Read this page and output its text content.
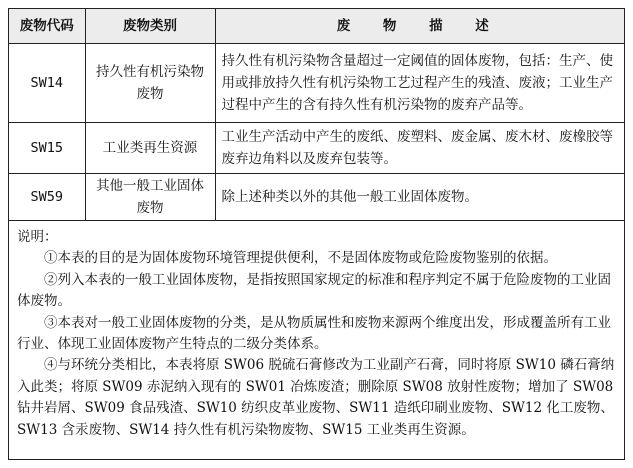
废物代码	废物类别	废 物 描 述
SW14	持久性有机污染物废物	持久性有机污染物含量超过一定阈值的固体废物，包括：生产、使用或排放持久性有机污染物工艺过程产生的残渣、废液；工业生产过程中产生的含有持久性有机污染物的废弃产品等。
SW15	工业类再生资源	工业生产活动中产生的废纸、废塑料、废金属、废木材、废橡胶等废弃边角料以及废弃包装等。
SW59	其他一般工业固体废物	除上述种类以外的其他一般工业固体废物。

说明：

①本表的目的是为固体废物环境管理提供便利，不是固体废物或危险废物鉴别的依据。

②列入本表的一般工业固体废物，是指按照国家规定的标准和程序判定不属于危险废物的工业固体废物。

③本表对一般工业固体废物的分类，是从物质属性和废物来源两个维度出发，形成覆盖所有工业行业、体现工业固体废物产生特点的二级分类体系。

④与环统分类相比，本表将原 SW06 脱硫石膏修改为工业副产石膏，同时将原 SW10 磷石膏纳入此类；将原 SW09 赤泥纳入现有的 SW01 冶炼废渣；删除原 SW08 放射性废物；增加了 SW08 钻井岩屑、SW09 食品残渣、SW10 纺织皮革业废物、SW11 造纸印刷业废物、SW12 化工废物、SW13 含汞废物、SW14 持久性有机污染物废物、SW15 工业类再生资源。
